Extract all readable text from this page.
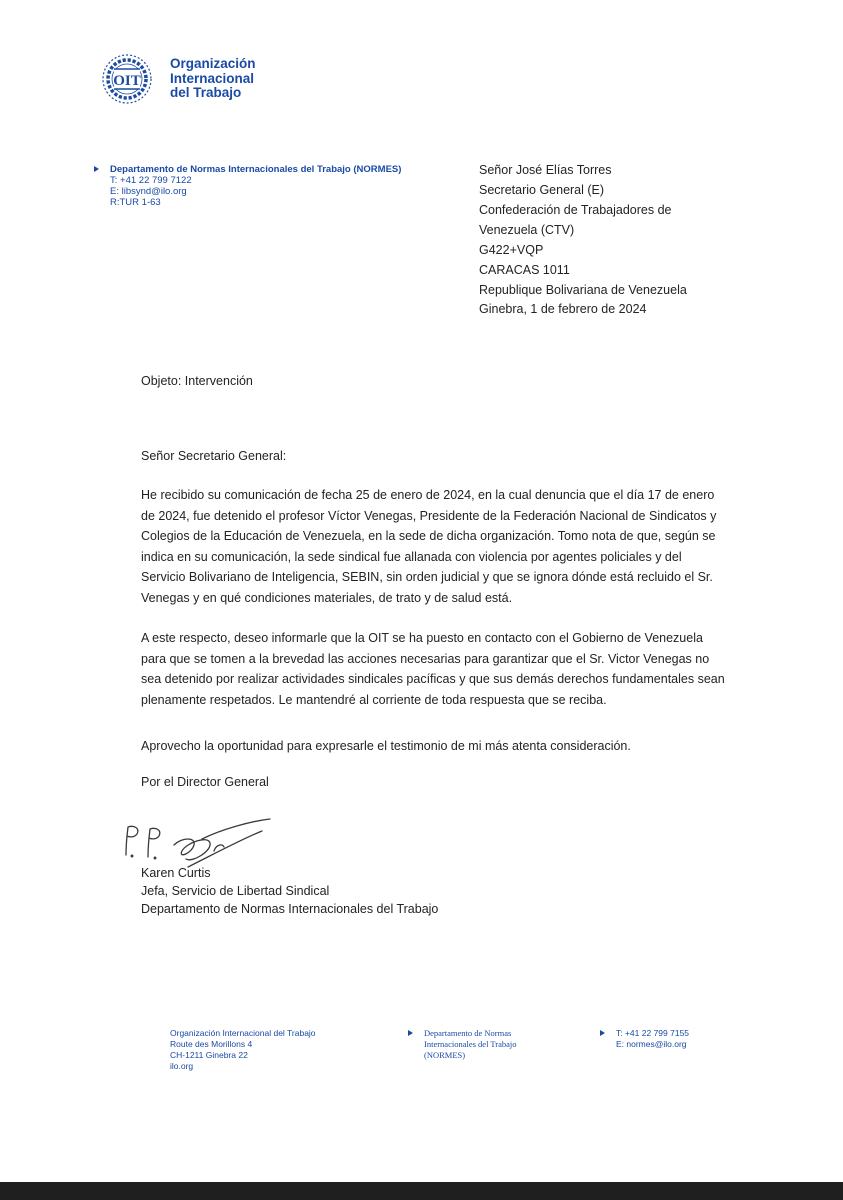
OIT
Organización
Internacional
del Trabajo
Departamento de Normas Internacionales del Trabajo (NORMES)
T: +41 22 799 7122
E: libsynd@ilo.org
R:TUR 1-63
Señor José Elías Torres
Secretario General (E)
Confederación de Trabajadores de
Venezuela (CTV)
G422+VQP
CARACAS 1011
Republique Bolivariana de Venezuela
Ginebra, 1 de febrero de 2024
Objeto: Intervención
Señor Secretario General:
He recibido su comunicación de fecha 25 de enero de 2024, en la cual denuncia que el día 17 de enero de 2024, fue detenido el profesor Víctor Venegas, Presidente de la Federación Nacional de Sindicatos y Colegios de la Educación de Venezuela, en la sede de dicha organización. Tomo nota de que, según se indica en su comunicación, la sede sindical fue allanada con violencia por agentes policiales y del Servicio Bolivariano de Inteligencia, SEBIN, sin orden judicial y que se ignora dónde está recluido el Sr. Venegas y en qué condiciones materiales, de trato y de salud está.
A este respecto, deseo informarle que la OIT se ha puesto en contacto con el Gobierno de Venezuela para que se tomen a la brevedad las acciones necesarias para garantizar que el Sr. Victor Venegas no sea detenido por realizar actividades sindicales pacíficas y que sus demás derechos fundamentales sean plenamente respetados. Le mantendré al corriente de toda respuesta que se reciba.
Aprovecho la oportunidad para expresarle el testimonio de mi más atenta consideración.
Por el Director General
P.P.
Karen Curtis
Jefa, Servicio de Libertad Sindical
Departamento de Normas Internacionales del Trabajo
Organización Internacional del Trabajo
Route des Morillons 4
CH-1211 Ginebra 22
ilo.org
Departamento de Normas
Internacionales del Trabajo
(NORMES)
T: +41 22 799 7155
E: normes@ilo.org
